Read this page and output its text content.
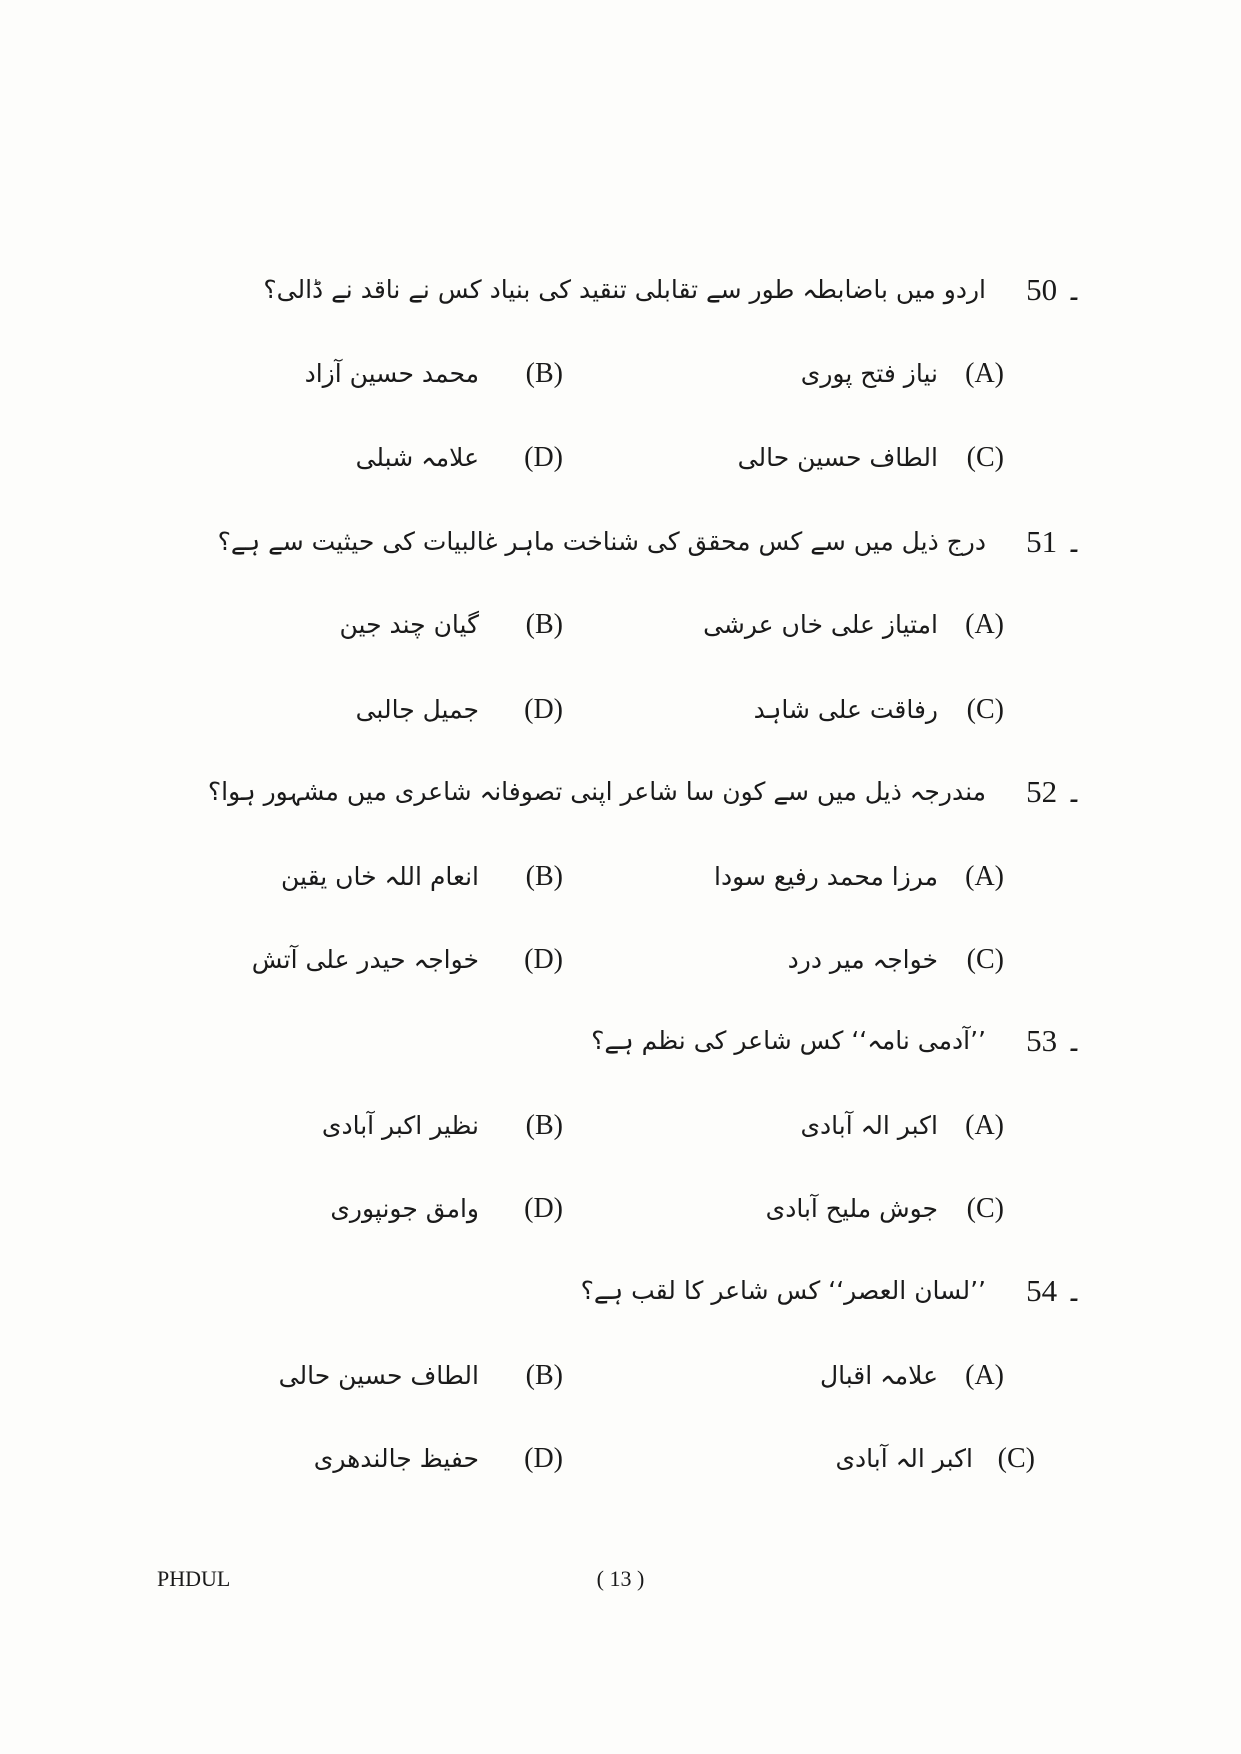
50 ۔
اردو میں باضابطہ طور سے تقابلی تنقید کی بنیاد کس نے ناقد نے ڈالی؟
(A)
نیاز فتح پوری
(B)
محمد حسین آزاد
(C)
الطاف حسین حالی
(D)
علامہ شبلی
51 ۔
درج ذیل میں سے کس محقق کی شناخت ماہر غالبیات کی حیثیت سے ہے؟
(A)
امتیاز علی خاں عرشی
(B)
گیان چند جین
(C)
رفاقت علی شاہد
(D)
جمیل جالبی
52 ۔
مندرجہ ذیل میں سے کون سا شاعر اپنی تصوفانہ شاعری میں مشہور ہوا؟
(A)
مرزا محمد رفیع سودا
(B)
انعام اللہ خاں یقین
(C)
خواجہ میر درد
(D)
خواجہ حیدر علی آتش
53 ۔
’’آدمی نامہ‘‘ کس شاعر کی نظم ہے؟
(A)
اکبر الہ آبادی
(B)
نظیر اکبر آبادی
(C)
جوش ملیح آبادی
(D)
وامق جونپوری
54 ۔
’’لسان العصر‘‘ کس شاعر کا لقب ہے؟
(A)
علامہ اقبال
(B)
الطاف حسین حالی
(C)
اکبر الہ آبادی
(D)
حفیظ جالندھری
PHDUL	( 13 )
